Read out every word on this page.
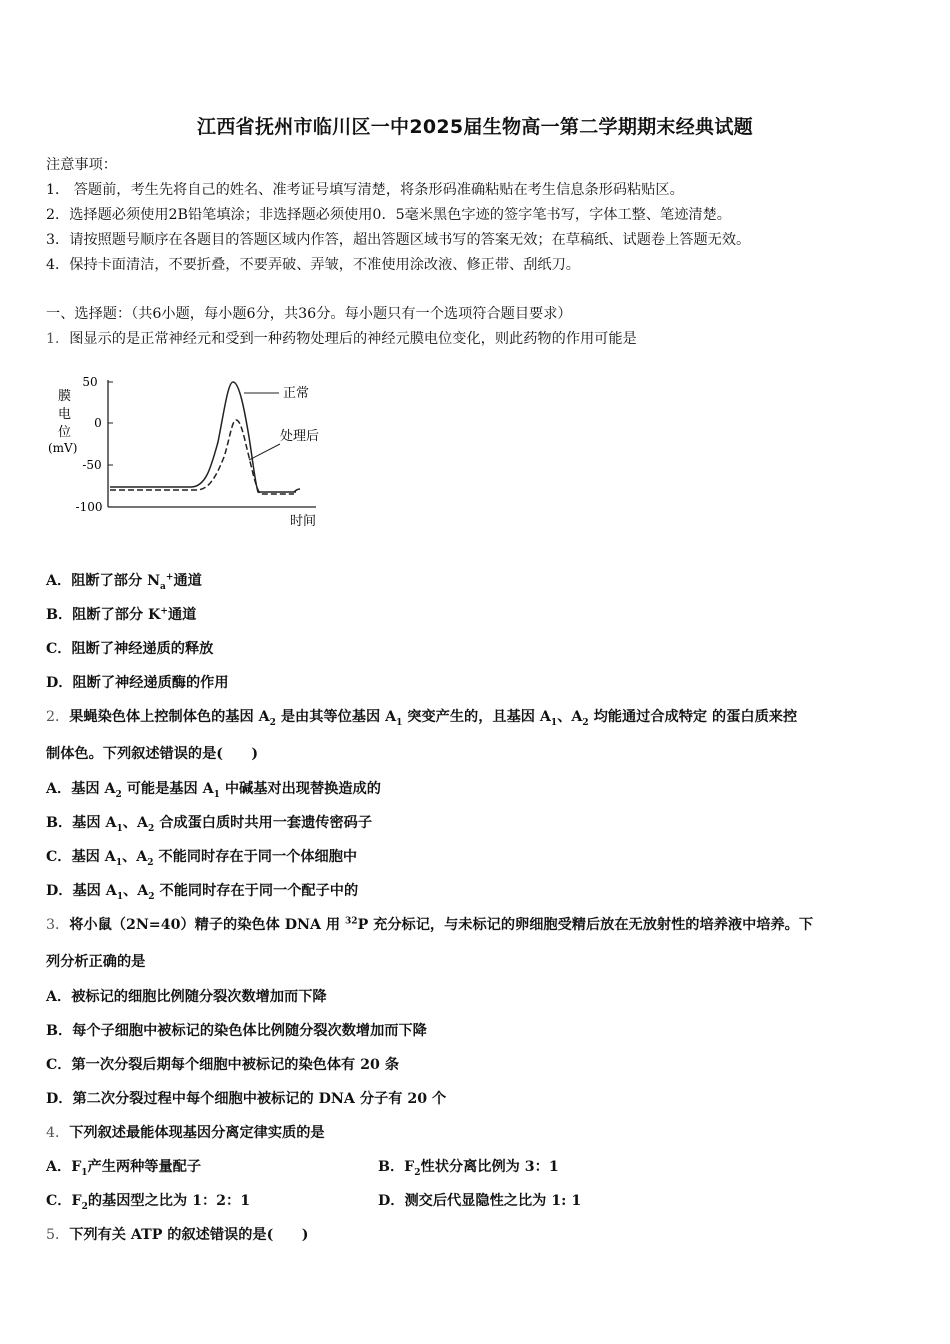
江西省抚州市临川区一中2025届生物高一第二学期期末经典试题
注意事项：
1． 答题前，考生先将自己的姓名、准考证号填写清楚，将条形码准确粘贴在考生信息条形码粘贴区。
2．选择题必须使用2B铅笔填涂；非选择题必须使用0．5毫米黑色字迹的签字笔书写，字体工整、笔迹清楚。
3．请按照题号顺序在各题目的答题区域内作答，超出答题区域书写的答案无效；在草稿纸、试题卷上答题无效。
4．保持卡面清洁，不要折叠，不要弄破、弄皱，不准使用涂改液、修正带、刮纸刀。
一、选择题：（共6小题，每小题6分，共36分。每小题只有一个选项符合题目要求）
1．图显示的是正常神经元和受到一种药物处理后的神经元膜电位变化，则此药物的作用可能是
膜
电
位
(mV)
50
0
-50
-100
正常
处理后
时间
A．阻断了部分 $N_a^+$通道
B．阻断了部分 K+通道
C．阻断了神经递质的释放
D．阻断了神经递质酶的作用
2．果蝇染色体上控制体色的基因 $A_2$ 是由其等位基因 $A_1$ 突变产生的，且基因 $A_1$、$A_2$ 均能通过合成特定 的蛋白质来控
制体色。下列叙述错误的是(　　)
A．基因 $A_2$ 可能是基因 $A_1$ 中碱基对出现替换造成的
B．基因 $A_1$、$A_2$ 合成蛋白质时共用一套遗传密码子
C．基因 $A_1$、$A_2$ 不能同时存在于同一个体细胞中
D．基因 $A_1$、$A_2$ 不能同时存在于同一个配子中的
3．将小鼠（2N=40）精子的染色体 DNA 用 $^{32}$P 充分标记，与未标记的卵细胞受精后放在无放射性的培养液中培养。下
列分析正确的是
A．被标记的细胞比例随分裂次数增加而下降
B．每个子细胞中被标记的染色体比例随分裂次数增加而下降
C．第一次分裂后期每个细胞中被标记的染色体有 20 条
D．第二次分裂过程中每个细胞中被标记的 DNA 分子有 20 个
4．下列叙述最能体现基因分离定律实质的是
A．$F_1$产生两种等量配子	B．$F_2$性状分离比例为 3：1
C．$F_2$的基因型之比为 1：2：1	D．测交后代显隐性之比为 1: 1
5．下列有关 ATP 的叙述错误的是(　　)
